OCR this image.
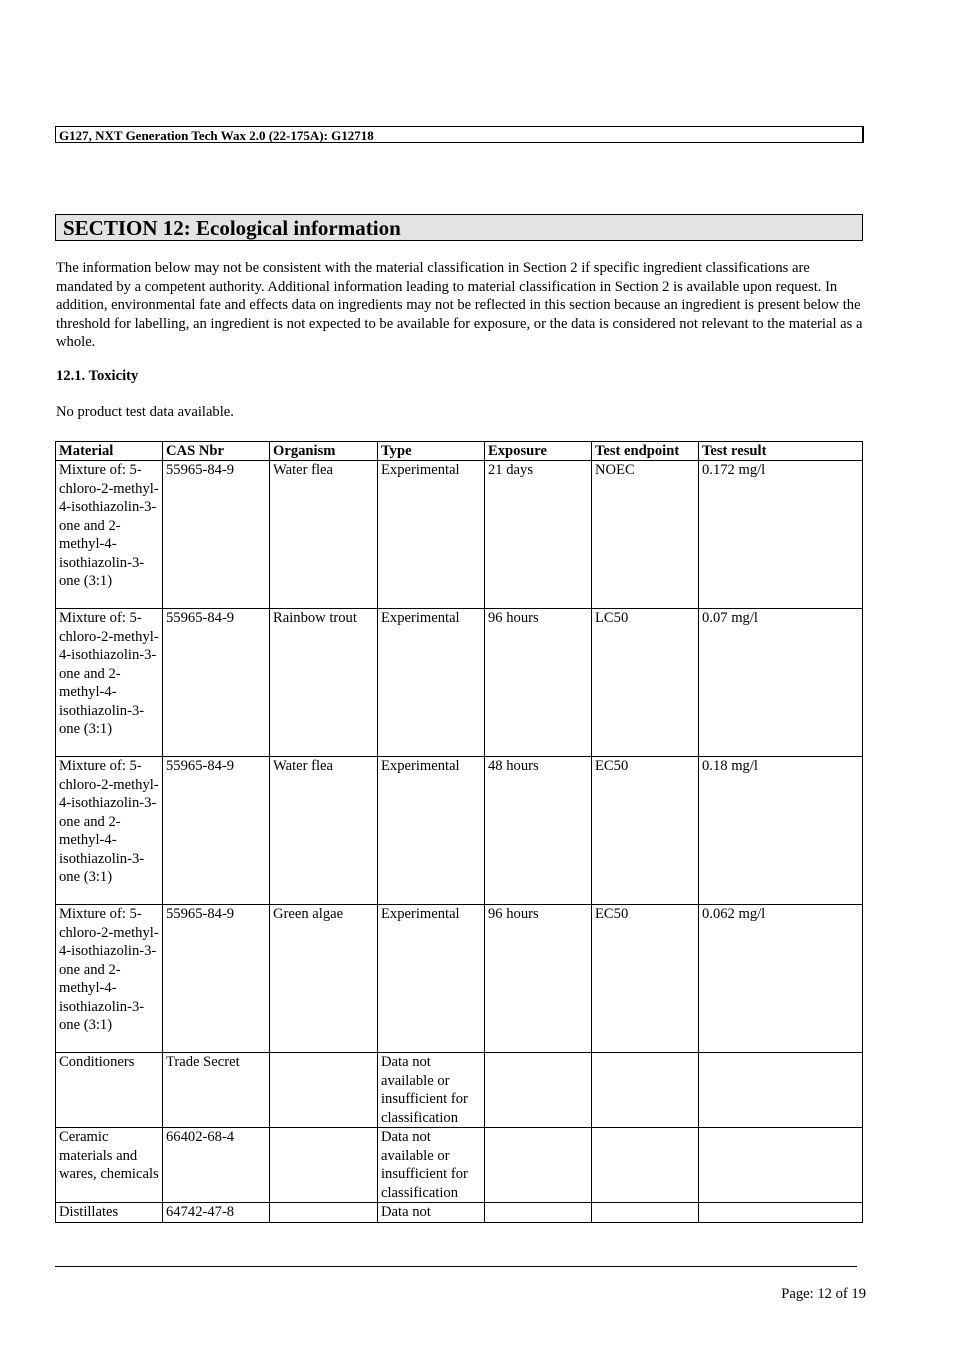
G127, NXT Generation Tech Wax 2.0 (22-175A): G12718
SECTION 12: Ecological information

The information below may not be consistent with the material classification in Section 2 if specific ingredient classifications are mandated by a competent authority. Additional information leading to material classification in Section 2 is available upon request. In addition, environmental fate and effects data on ingredients may not be reflected in this section because an ingredient is present below the threshold for labelling, an ingredient is not expected to be available for exposure, or the data is considered not relevant to the material as a whole.

12.1. Toxicity

No product test data available.

Material	CAS Nbr	Organism	Type	Exposure	Test endpoint	Test result
Mixture of: 5-chloro-2-methyl-4-isothiazolin-3-one and 2-methyl-4-isothiazolin-3-one (3:1)	55965-84-9	Water flea	Experimental	21 days	NOEC	0.172 mg/l
Mixture of: 5-chloro-2-methyl-4-isothiazolin-3-one and 2-methyl-4-isothiazolin-3-one (3:1)	55965-84-9	Rainbow trout	Experimental	96 hours	LC50	0.07 mg/l
Mixture of: 5-chloro-2-methyl-4-isothiazolin-3-one and 2-methyl-4-isothiazolin-3-one (3:1)	55965-84-9	Water flea	Experimental	48 hours	EC50	0.18 mg/l
Mixture of: 5-chloro-2-methyl-4-isothiazolin-3-one and 2-methyl-4-isothiazolin-3-one (3:1)	55965-84-9	Green algae	Experimental	96 hours	EC50	0.062 mg/l
Conditioners	Trade Secret		Data not available or insufficient for classification			
Ceramic materials and wares, chemicals	66402-68-4		Data not available or insufficient for classification			
Distillates	64742-47-8		Data not			
Page: 12 of 19
